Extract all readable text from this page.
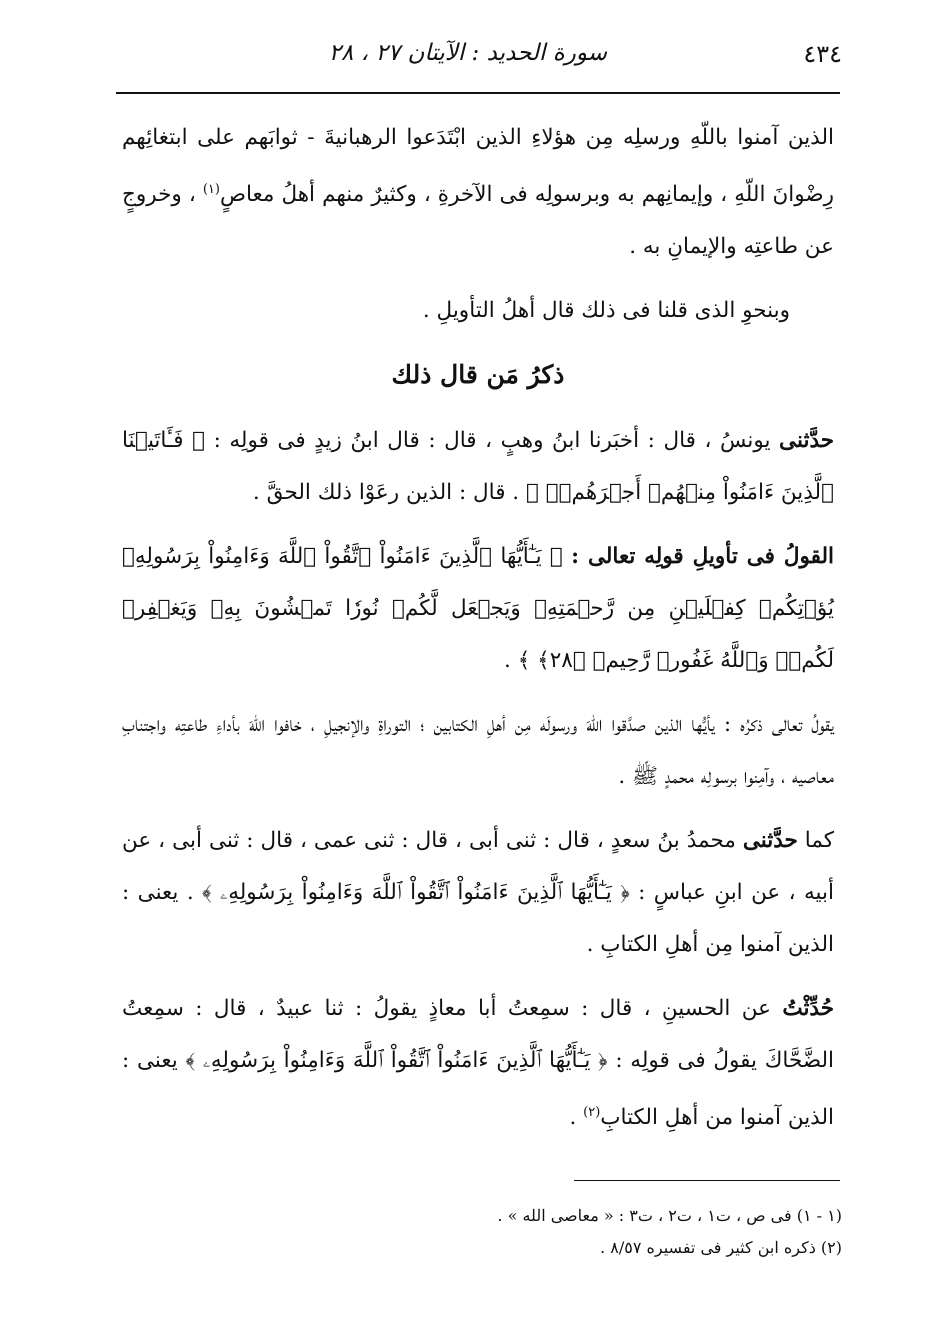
٤٣٤
سورة الحديد : الآيتان ٢٧ ، ٢٨

الذين آمنوا باللّهِ ورسلِه مِن هؤلاءِ الذين ابْتَدَعوا الرهبانيةَ - ثوابَهم على ابتغائِهم رِضْوانَ اللّهِ ، وإيمانِهم به وبرسولِه فى الآخرةِ ، وكثيرٌ منهم أهلُ معاصٍ$^{(١)}$ ، وخروجٍ عن طاعتِه والإيمانِ به .

وبنحوِ الذى قلنا فى ذلك قال أهلُ التأويلِ .

ذكرُ مَن قال ذلك

حدَّثنى يونسُ ، قال : أخبَرنا ابنُ وهبٍ ، قال : قال ابنُ زيدٍ فى قولِه : ﴿ فَـَٔاتَيۡنَا ٱلَّذِينَ ءَامَنُواْ مِنۡهُمۡ أَجۡرَهُمۡۖ ﴾ . قال : الذين رعَوْا ذلك الحقَّ .

القولُ فى تأويلِ قولِه تعالى : ﴿ يَـٰٓأَيُّهَا ٱلَّذِينَ ءَامَنُواْ ٱتَّقُواْ ٱللَّهَ وَءَامِنُواْ بِرَسُولِهِۦ يُؤۡتِكُمۡ كِفۡلَيۡنِ مِن رَّحۡمَتِهِۦ وَيَجۡعَل لَّكُمۡ نُورٗا تَمۡشُونَ بِهِۦ وَيَغۡفِرۡ لَكُمۡۚ وَٱللَّهُ غَفُورٞ رَّحِيمٞ ﴿٢٨﴾ ﴾ .

يقولُ تعالى ذكرُه : يأيُّها الذين صدَّقوا اللّهَ ورسولَه مِن أهلِ الكتابين ؛ التوراةِ والإنجيلِ ، خافوا اللّهَ بأداءِ طاعتِه واجتنابِ معاصيه ، وآمِنوا برسولِه محمدٍ ﷺ .

كما حدَّثنى محمدُ بنُ سعدٍ ، قال : ثنى أبى ، قال : ثنى عمى ، قال : ثنى أبى ، عن أبيه ، عن ابنِ عباسٍ : ﴿ يَـٰٓأَيُّهَا ٱلَّذِينَ ءَامَنُواْ ٱتَّقُواْ ٱللَّهَ وَءَامِنُواْ بِرَسُولِهِۦ ﴾ . يعنى : الذين آمنوا مِن أهلِ الكتابِ .

حُدِّثْتُ عن الحسينِ ، قال : سمِعتُ أبا معاذٍ يقولُ : ثنا عبيدٌ ، قال : سمِعتُ الضَّحَّاكَ يقولُ فى قولِه : ﴿ يَـٰٓأَيُّهَا ٱلَّذِينَ ءَامَنُواْ ٱتَّقُواْ ٱللَّهَ وَءَامِنُواْ بِرَسُولِهِۦ ﴾ يعنى : الذين آمنوا من أهلِ الكتابِ$^{(٢)}$ .

(١ - ١) فى ص ، ت١ ، ت٢ ، ت٣ : « معاصى الله » .
(٢) ذكره ابن كثير فى تفسيره ٨/٥٧ .
